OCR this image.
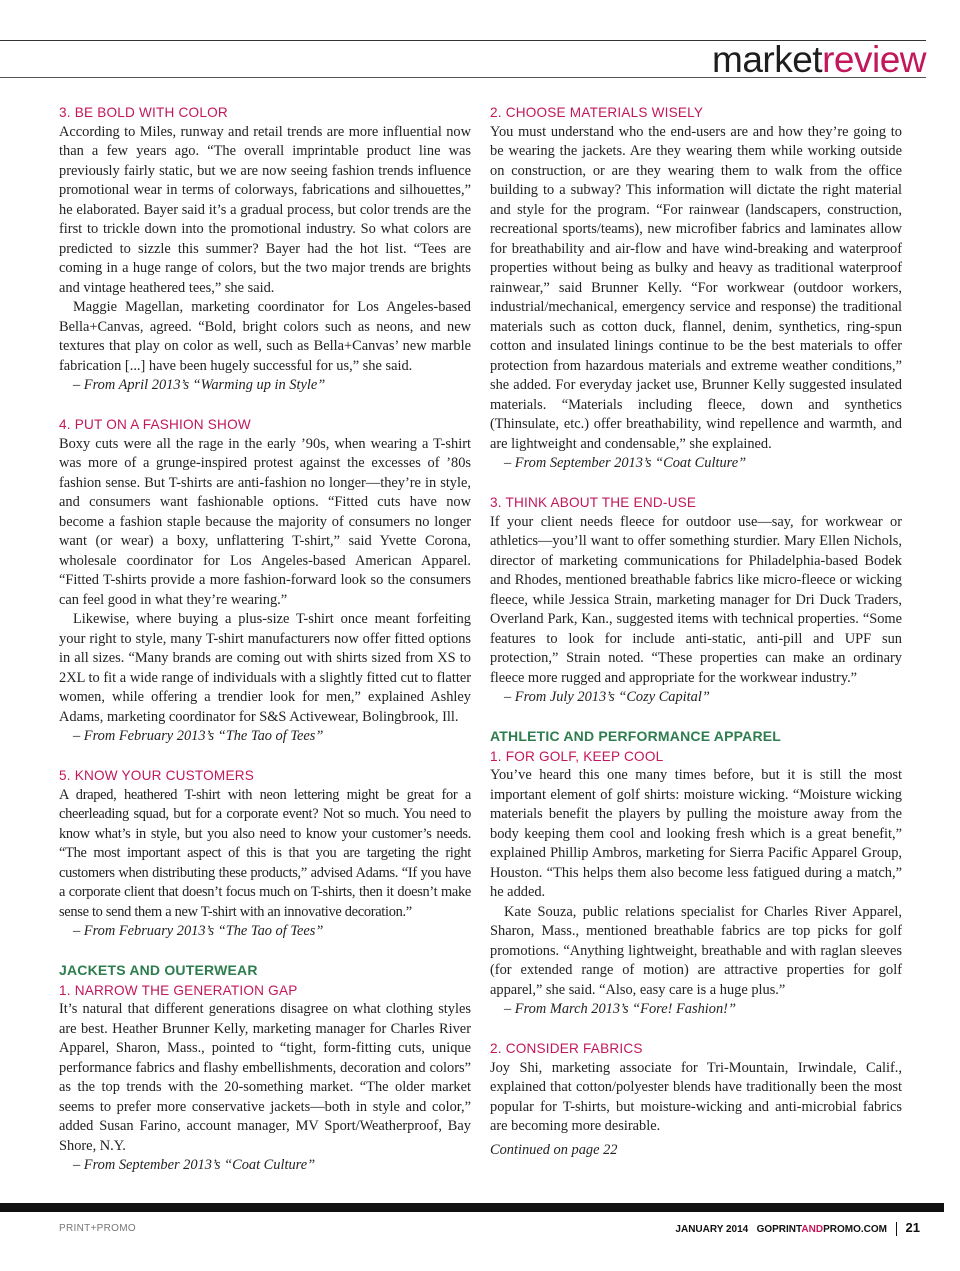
marketreview

3. BE BOLD WITH COLOR

According to Miles, runway and retail trends are more influential now than a few years ago. “The overall imprintable product line was previously fairly static, but we are now seeing fashion trends influence promotional wear in terms of colorways, fabrications and silhouettes,” he elaborated. Bayer said it’s a gradual process, but color trends are the first to trickle down into the promotional industry. So what colors are predicted to sizzle this summer? Bayer had the hot list. “Tees are coming in a huge range of colors, but the two major trends are brights and vintage heathered tees,” she said.

Maggie Magellan, marketing coordinator for Los Angeles-based Bella+Canvas, agreed. “Bold, bright colors such as neons, and new textures that play on color as well, such as Bella+Canvas’ new marble fabrication [...] have been hugely successful for us,” she said.

– From April 2013’s “Warming up in Style”

4. PUT ON A FASHION SHOW

Boxy cuts were all the rage in the early ’90s, when wearing a T-shirt was more of a grunge-inspired protest against the excesses of ’80s fashion sense. But T-shirts are anti-fashion no longer—they’re in style, and consumers want fashionable options. “Fitted cuts have now become a fashion staple because the majority of consumers no longer want (or wear) a boxy, unflattering T-shirt,” said Yvette Corona, wholesale coordinator for Los Angeles-based American Apparel. “Fitted T-shirts provide a more fashion-forward look so the consumers can feel good in what they’re wearing.”

Likewise, where buying a plus-size T-shirt once meant forfeiting your right to style, many T-shirt manufacturers now offer fitted options in all sizes. “Many brands are coming out with shirts sized from XS to 2XL to fit a wide range of individuals with a slightly fitted cut to flatter women, while offering a trendier look for men,” explained Ashley Adams, marketing coordinator for S&S Activewear, Bolingbrook, Ill.

– From February 2013’s “The Tao of Tees”

5. KNOW YOUR CUSTOMERS

A draped, heathered T-shirt with neon lettering might be great for a cheerleading squad, but for a corporate event? Not so much. You need to know what’s in style, but you also need to know your customer’s needs. “The most important aspect of this is that you are targeting the right customers when distributing these products,” advised Adams. “If you have a corporate client that doesn’t focus much on T-shirts, then it doesn’t make sense to send them a new T-shirt with an innovative decoration.”

– From February 2013’s “The Tao of Tees”

JACKETS AND OUTERWEAR

1. NARROW THE GENERATION GAP

It’s natural that different generations disagree on what clothing styles are best. Heather Brunner Kelly, marketing manager for Charles River Apparel, Sharon, Mass., pointed to “tight, form-fitting cuts, unique performance fabrics and flashy embellishments, decoration and colors” as the top trends with the 20-something market. “The older market seems to prefer more conservative jackets—both in style and color,” added Susan Farino, account manager, MV Sport/Weatherproof, Bay Shore, N.Y.

– From September 2013’s “Coat Culture”

2. CHOOSE MATERIALS WISELY

You must understand who the end-users are and how they’re going to be wearing the jackets. Are they wearing them while working outside on construction, or are they wearing them to walk from the office building to a subway? This information will dictate the right material and style for the program. “For rainwear (landscapers, construction, recreational sports/teams), new microfiber fabrics and laminates allow for breathability and air-flow and have wind-breaking and waterproof properties without being as bulky and heavy as traditional waterproof rainwear,” said Brunner Kelly. “For workwear (outdoor workers, industrial/mechanical, emergency service and response) the traditional materials such as cotton duck, flannel, denim, synthetics, ring-spun cotton and insulated linings continue to be the best materials to offer protection from hazardous materials and extreme weather conditions,” she added. For everyday jacket use, Brunner Kelly suggested insulated materials. “Materials including fleece, down and synthetics (Thinsulate, etc.) offer breathability, wind repellence and warmth, and are lightweight and condensable,” she explained.

– From September 2013’s “Coat Culture”

3. THINK ABOUT THE END-USE

If your client needs fleece for outdoor use—say, for workwear or athletics—you’ll want to offer something sturdier. Mary Ellen Nichols, director of marketing communications for Philadelphia-based Bodek and Rhodes, mentioned breathable fabrics like micro-fleece or wicking fleece, while Jessica Strain, marketing manager for Dri Duck Traders, Overland Park, Kan., suggested items with technical properties. “Some features to look for include anti-static, anti-pill and UPF sun protection,” Strain noted. “These properties can make an ordinary fleece more rugged and appropriate for the workwear industry.”

– From July 2013’s “Cozy Capital”

ATHLETIC AND PERFORMANCE APPAREL

1. FOR GOLF, KEEP COOL

You’ve heard this one many times before, but it is still the most important element of golf shirts: moisture wicking. “Moisture wicking materials benefit the players by pulling the moisture away from the body keeping them cool and looking fresh which is a great benefit,” explained Phillip Ambros, marketing for Sierra Pacific Apparel Group, Houston. “This helps them also become less fatigued during a match,” he added.

Kate Souza, public relations specialist for Charles River Apparel, Sharon, Mass., mentioned breathable fabrics are top picks for golf promotions. “Anything lightweight, breathable and with raglan sleeves (for extended range of motion) are attractive properties for golf apparel,” she said. “Also, easy care is a huge plus.”

– From March 2013’s “Fore! Fashion!”

2. CONSIDER FABRICS

Joy Shi, marketing associate for Tri-Mountain, Irwindale, Calif., explained that cotton/polyester blends have traditionally been the most popular for T-shirts, but moisture-wicking and anti-microbial fabrics are becoming more desirable.

Continued on page 22

PRINT+PROMO	JANUARY 2014 GOPRINTANDPROMO.COM 21
